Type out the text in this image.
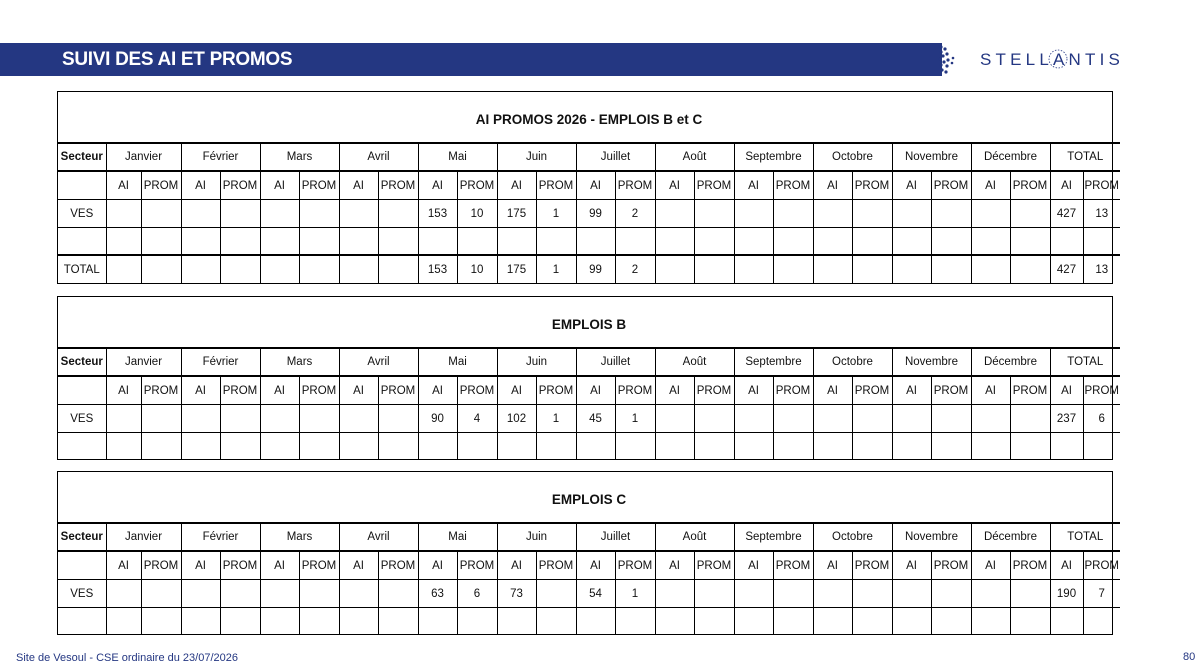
SUIVI DES AI ET PROMOS	STELL
ANTIS
AI PROMOS 2026 - EMPLOIS B et C																										
Secteur	Janvier		Février		Mars		Avril		Mai		Juin		Juillet		Août		Septembre		Octobre		Novembre		Décembre		TOTAL	
	AI	PROM	AI	PROM	AI	PROM	AI	PROM	AI	PROM	AI	PROM	AI	PROM	AI	PROM	AI	PROM	AI	PROM	AI	PROM	AI	PROM	AI	PROM
VES									153	10	175	1	99	2											427	13

TOTAL									153	10	175	1	99	2											427	13
EMPLOIS B																										
Secteur	Janvier		Février		Mars		Avril		Mai		Juin		Juillet		Août		Septembre		Octobre		Novembre		Décembre		TOTAL	
	AI	PROM	AI	PROM	AI	PROM	AI	PROM	AI	PROM	AI	PROM	AI	PROM	AI	PROM	AI	PROM	AI	PROM	AI	PROM	AI	PROM	AI	PROM
VES									90	4	102	1	45	1											237	6

EMPLOIS C																										
Secteur	Janvier		Février		Mars		Avril		Mai		Juin		Juillet		Août		Septembre		Octobre		Novembre		Décembre		TOTAL	
	AI	PROM	AI	PROM	AI	PROM	AI	PROM	AI	PROM	AI	PROM	AI	PROM	AI	PROM	AI	PROM	AI	PROM	AI	PROM	AI	PROM	AI	PROM
VES									63	6	73		54	1											190	7

Site de Vesoul - CSE ordinaire du 23/07/2026	80
